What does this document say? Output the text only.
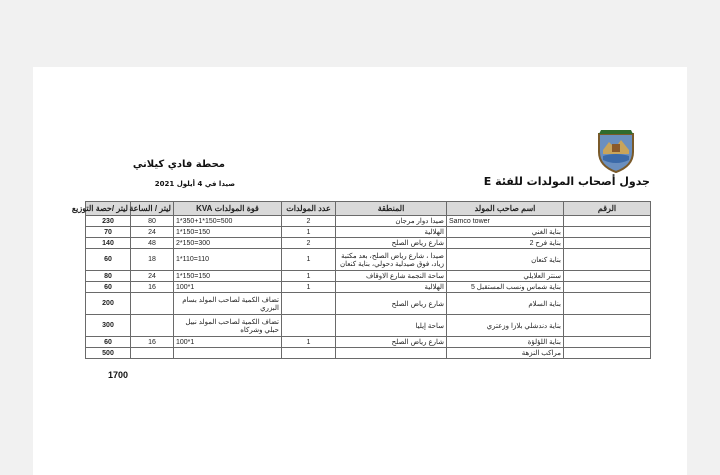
جدول أصحاب المولدات للفئة E
محطة فادي كيلاني
صيدا في 4 أيلول 2021
لیتر /حصة التوزيع	لیتر / الساعة	قوة المولدات KVA	عدد المولدات	المنطقة	اسم صاحب المولد	الرقم
230	80	1*350+1*150=500	2	صيدا دوار مرجان	Samco tower	
70	24	1*150=150	1	الهلالية	بناية الغني	
140	48	2*150=300	2	شارع رياض الصلح	بناية فرح 2	
60	18	1*110=110	1	صيدا ، شارع رياض الصلح، بعد مكتبة زياد، فوق صيدلية دحولي، بناية كنعان	بناية كنعان	
80	24	1*150=150	1	ساحة النجمة شارع الاوقاف	سنتر العلايلي	
60	16	100*1	1	الهلالية	بناية شماس ونسب المستقبل 5	
200		تضاف الكمية لصاحب المولد بسام البزري		شارع رياض الصلح	بناية السلام	
300		تضاف الكمية لصاحب المولد نبيل حبلي وشركاه		ساحة إيليا	بناية دندشلي بلازا وزعتري	
60	16	100*1	1	شارع رياض الصلح	بناية اللؤلؤة	
500					مراكب النزهة	
1700
